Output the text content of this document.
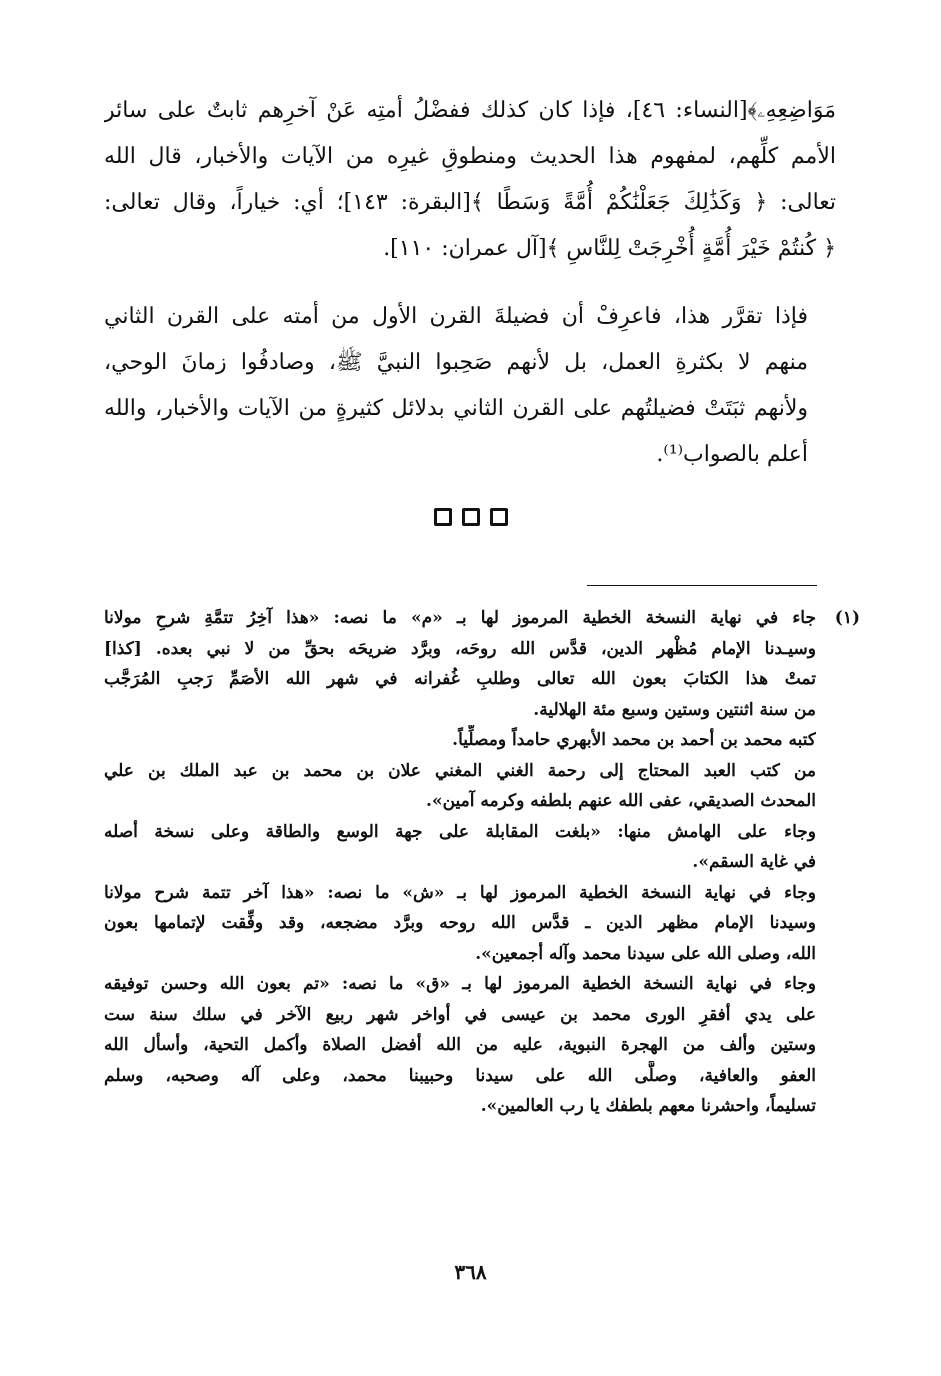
مَوَاضِعِهِۦ﴾[النساء: ٤٦]، فإذا كان كذلك ففضْلُ أمتِه عَنْ آخرِهم ثابتٌ على سائر
الأمم كلِّهم، لمفهوم هذا الحديث ومنطوقِ غيرِه من الآيات والأخبار، قال الله
تعالى: ﴿ وَكَذَٰلِكَ جَعَلْنَٰكُمْ أُمَّةً وَسَطًا ﴾[البقرة: ١٤٣]؛ أي: خياراً، وقال تعالى:
﴿ كُنتُمْ خَيْرَ أُمَّةٍ أُخْرِجَتْ لِلنَّاسِ ﴾[آل عمران: ١١٠].
فإذا تقرَّر هذا، فاعرِفْ أن فضيلةَ القرن الأول من أمته على القرن الثاني
منهم لا بكثرةِ العمل، بل لأنهم صَحِبوا النبيَّ ﷺ، وصادفُوا زمانَ الوحي،
ولأنهم ثبَتَتْ فضيلتُهم على القرن الثاني بدلائل كثيرةٍ من الآيات والأخبار، والله
أعلم بالصواب⁽¹⁾.
(١)
جاء في نهاية النسخة الخطية المرموز لها بـ «م» ما نصه: «هذا آخِرُ تتمَّةِ شرحِ مولانا
وسيـدنا الإمام مُظْهر الدين، قدَّس الله روحَه، وبرَّد ضريحَه بحقِّ من لا نبي بعده. [كذا]
تمتْ هذا الكتابَ بعون الله تعالى وطلبِ غُفرانه في شهر الله الأصَمِّ رَجبِ المُرَجَّب
من سنة اثنتين وستين وسبع مئة الهلالية.
كتبه محمد بن أحمد بن محمد الأبهري حامداً ومصلِّياً.
من كتب العبد المحتاج إلى رحمة الغني المغني علان بن محمد بن عبد الملك بن علي
المحدث الصديقي، عفى الله عنهم بلطفه وكرمه آمين».
وجاء على الهامش منها: «بلغت المقابلة على جهة الوسع والطاقة وعلى نسخة أصله
في غاية السقم».
وجاء في نهاية النسخة الخطية المرموز لها بـ «ش» ما نصه: «هذا آخر تتمة شرح مولانا
وسيدنا الإمام مظهر الدين ـ قدَّس الله روحه وبرَّد مضجعه، وقد وفِّقت لإتمامها بعون
الله، وصلى الله على سيدنا محمد وآله أجمعين».
وجاء في نهاية النسخة الخطية المرموز لها بـ «ق» ما نصه: «تم بعون الله وحسن توفيقه
على يدي أفقرِ الورى محمد بن عيسى في أواخر شهر ربيع الآخر في سلك سنة ست
وستين وألف من الهجرة النبوية، عليه من الله أفضل الصلاة وأكمل التحية، وأسأل الله
العفو والعافية، وصلَّى الله على سيدنا وحبيبنا محمد، وعلى آله وصحبه، وسلم
تسليماً، واحشرنا معهم بلطفك يا رب العالمين».
٣٦٨
